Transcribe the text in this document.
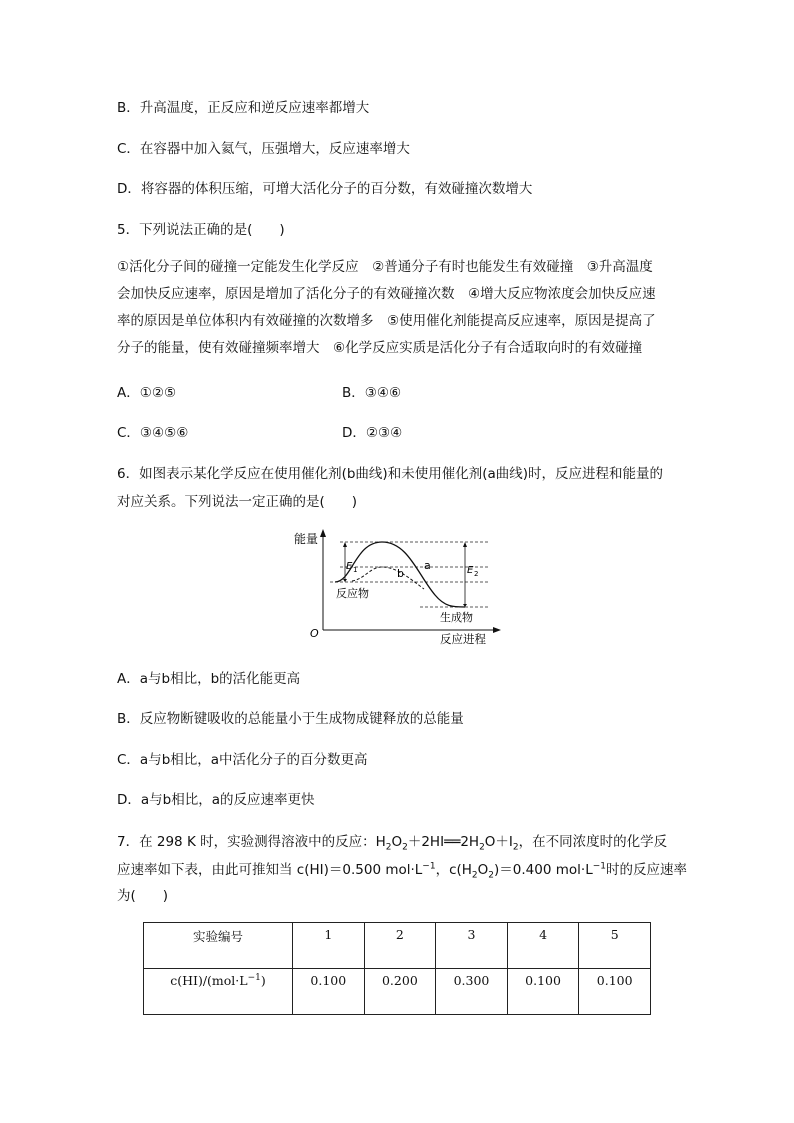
B．升高温度，正反应和逆反应速率都增大
C．在容器中加入氦气，压强增大，反应速率增大
D．将容器的体积压缩，可增大活化分子的百分数，有效碰撞次数增大
5．下列说法正确的是(　　)
①活化分子间的碰撞一定能发生化学反应　②普通分子有时也能发生有效碰撞　③升高温度
会加快反应速率，原因是增加了活化分子的有效碰撞次数　④增大反应物浓度会加快反应速
率的原因是单位体积内有效碰撞的次数增多　⑤使用催化剂能提高反应速率，原因是提高了
分子的能量，使有效碰撞频率增大　⑥化学反应实质是活化分子有合适取向时的有效碰撞
A．①②⑤	B．③④⑥
C．③④⑤⑥	D．②③④
6．如图表示某化学反应在使用催化剂(b曲线)和未使用催化剂(a曲线)时，反应进程和能量的
对应关系。下列说法一定正确的是(　　)
能量
O	反应进程
E 1	E 2
a
b
反应物
生成物
A．a与b相比，b的活化能更高
B．反应物断键吸收的总能量小于生成物成键释放的总能量
C．a与b相比，a中活化分子的百分数更高
D．a与b相比，a的反应速率更快
7．在 298 K 时，实验测得溶液中的反应：$H_2O_2+2HI══2H_2O+I_2$，在不同浓度时的化学反
应速率如下表，由此可推知当 c(HI)＝0.500 $mol\cdot L^{-1}$，$c(H_2O_2)=0.400$ $mol\cdot L^{-1}$时的反应速率
为(　　)
实验编号	1	2	3	4	5
$c(HI)/(mol\cdot L^{-1})$	0.100	0.200	0.300	0.100	0.100
